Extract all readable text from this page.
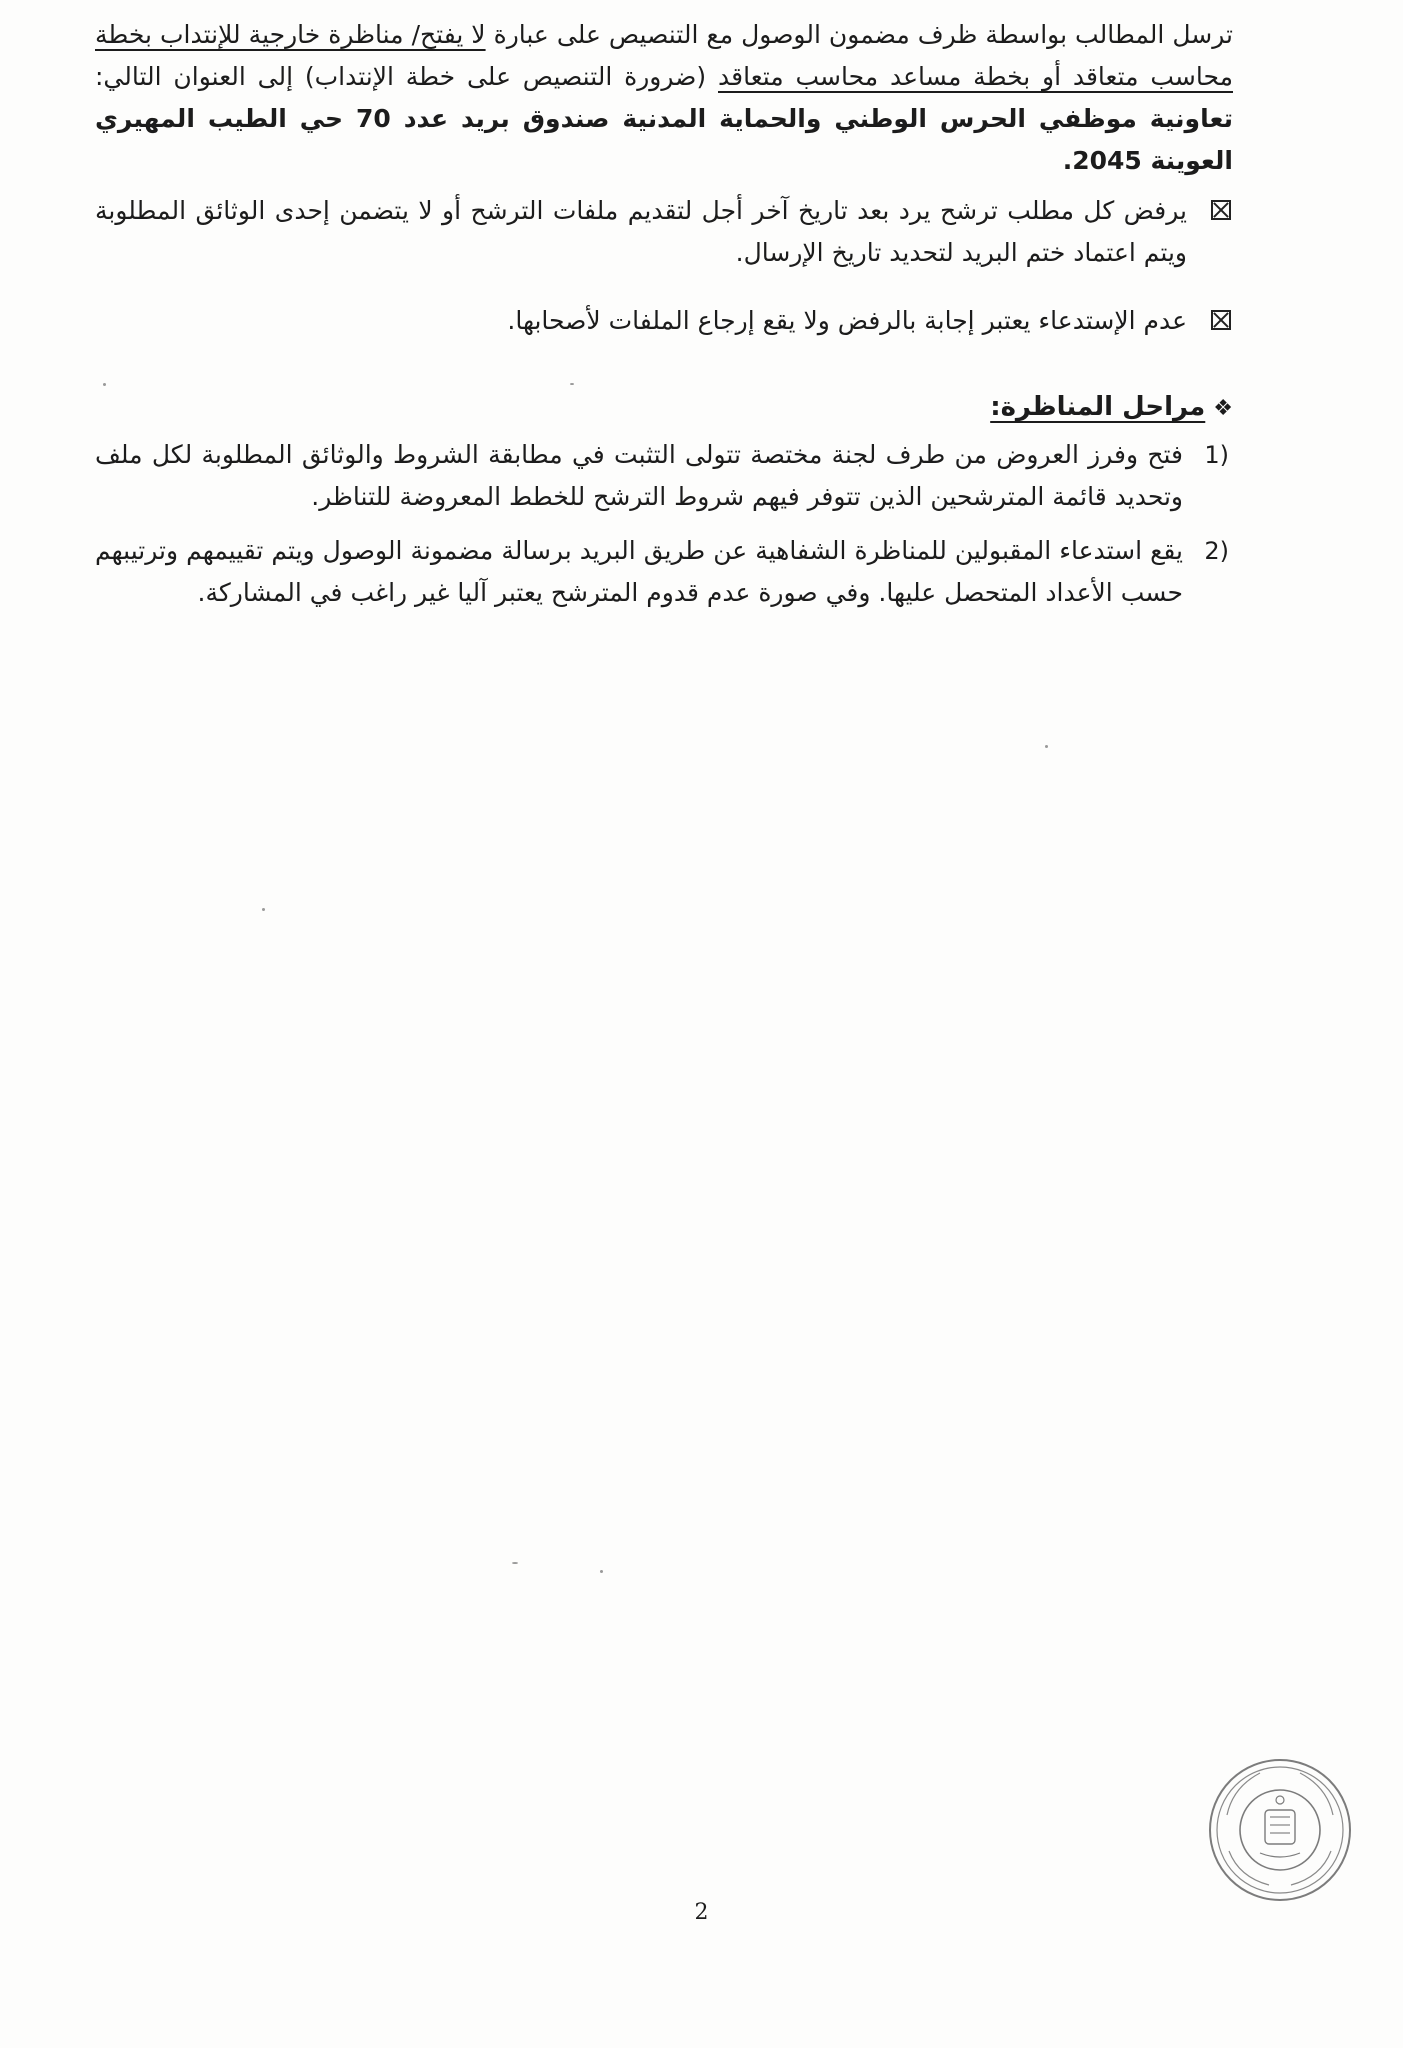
ترسل المطالب بواسطة ظرف مضمون الوصول مع التنصيص على عبارة لا يفتح/ مناظرة خارجية للإنتداب بخطة محاسب متعاقد أو بخطة مساعد محاسب متعاقد (ضرورة التنصيص على خطة الإنتداب) إلى العنوان التالي: تعاونية موظفي الحرس الوطني والحماية المدنية صندوق بريد عدد 70 حي الطيب المهيري العوينة 2045.

يرفض كل مطلب ترشح يرد بعد تاريخ آخر أجل لتقديم ملفات الترشح أو لا يتضمن إحدى الوثائق المطلوبة ويتم اعتماد ختم البريد لتحديد تاريخ الإرسال.
عدم الإستدعاء يعتبر إجابة بالرفض ولا يقع إرجاع الملفات لأصحابها.
❖مراحل المناظرة:
1)
فتح وفرز العروض من طرف لجنة مختصة تتولى التثبت في مطابقة الشروط والوثائق المطلوبة لكل ملف وتحديد قائمة المترشحين الذين تتوفر فيهم شروط الترشح للخطط المعروضة للتناظر.
2)
يقع استدعاء المقبولين للمناظرة الشفاهية عن طريق البريد برسالة مضمونة الوصول ويتم تقييمهم وترتيبهم حسب الأعداد المتحصل عليها. وفي صورة عدم قدوم المترشح يعتبر آليا غير راغب في المشاركة.
2
